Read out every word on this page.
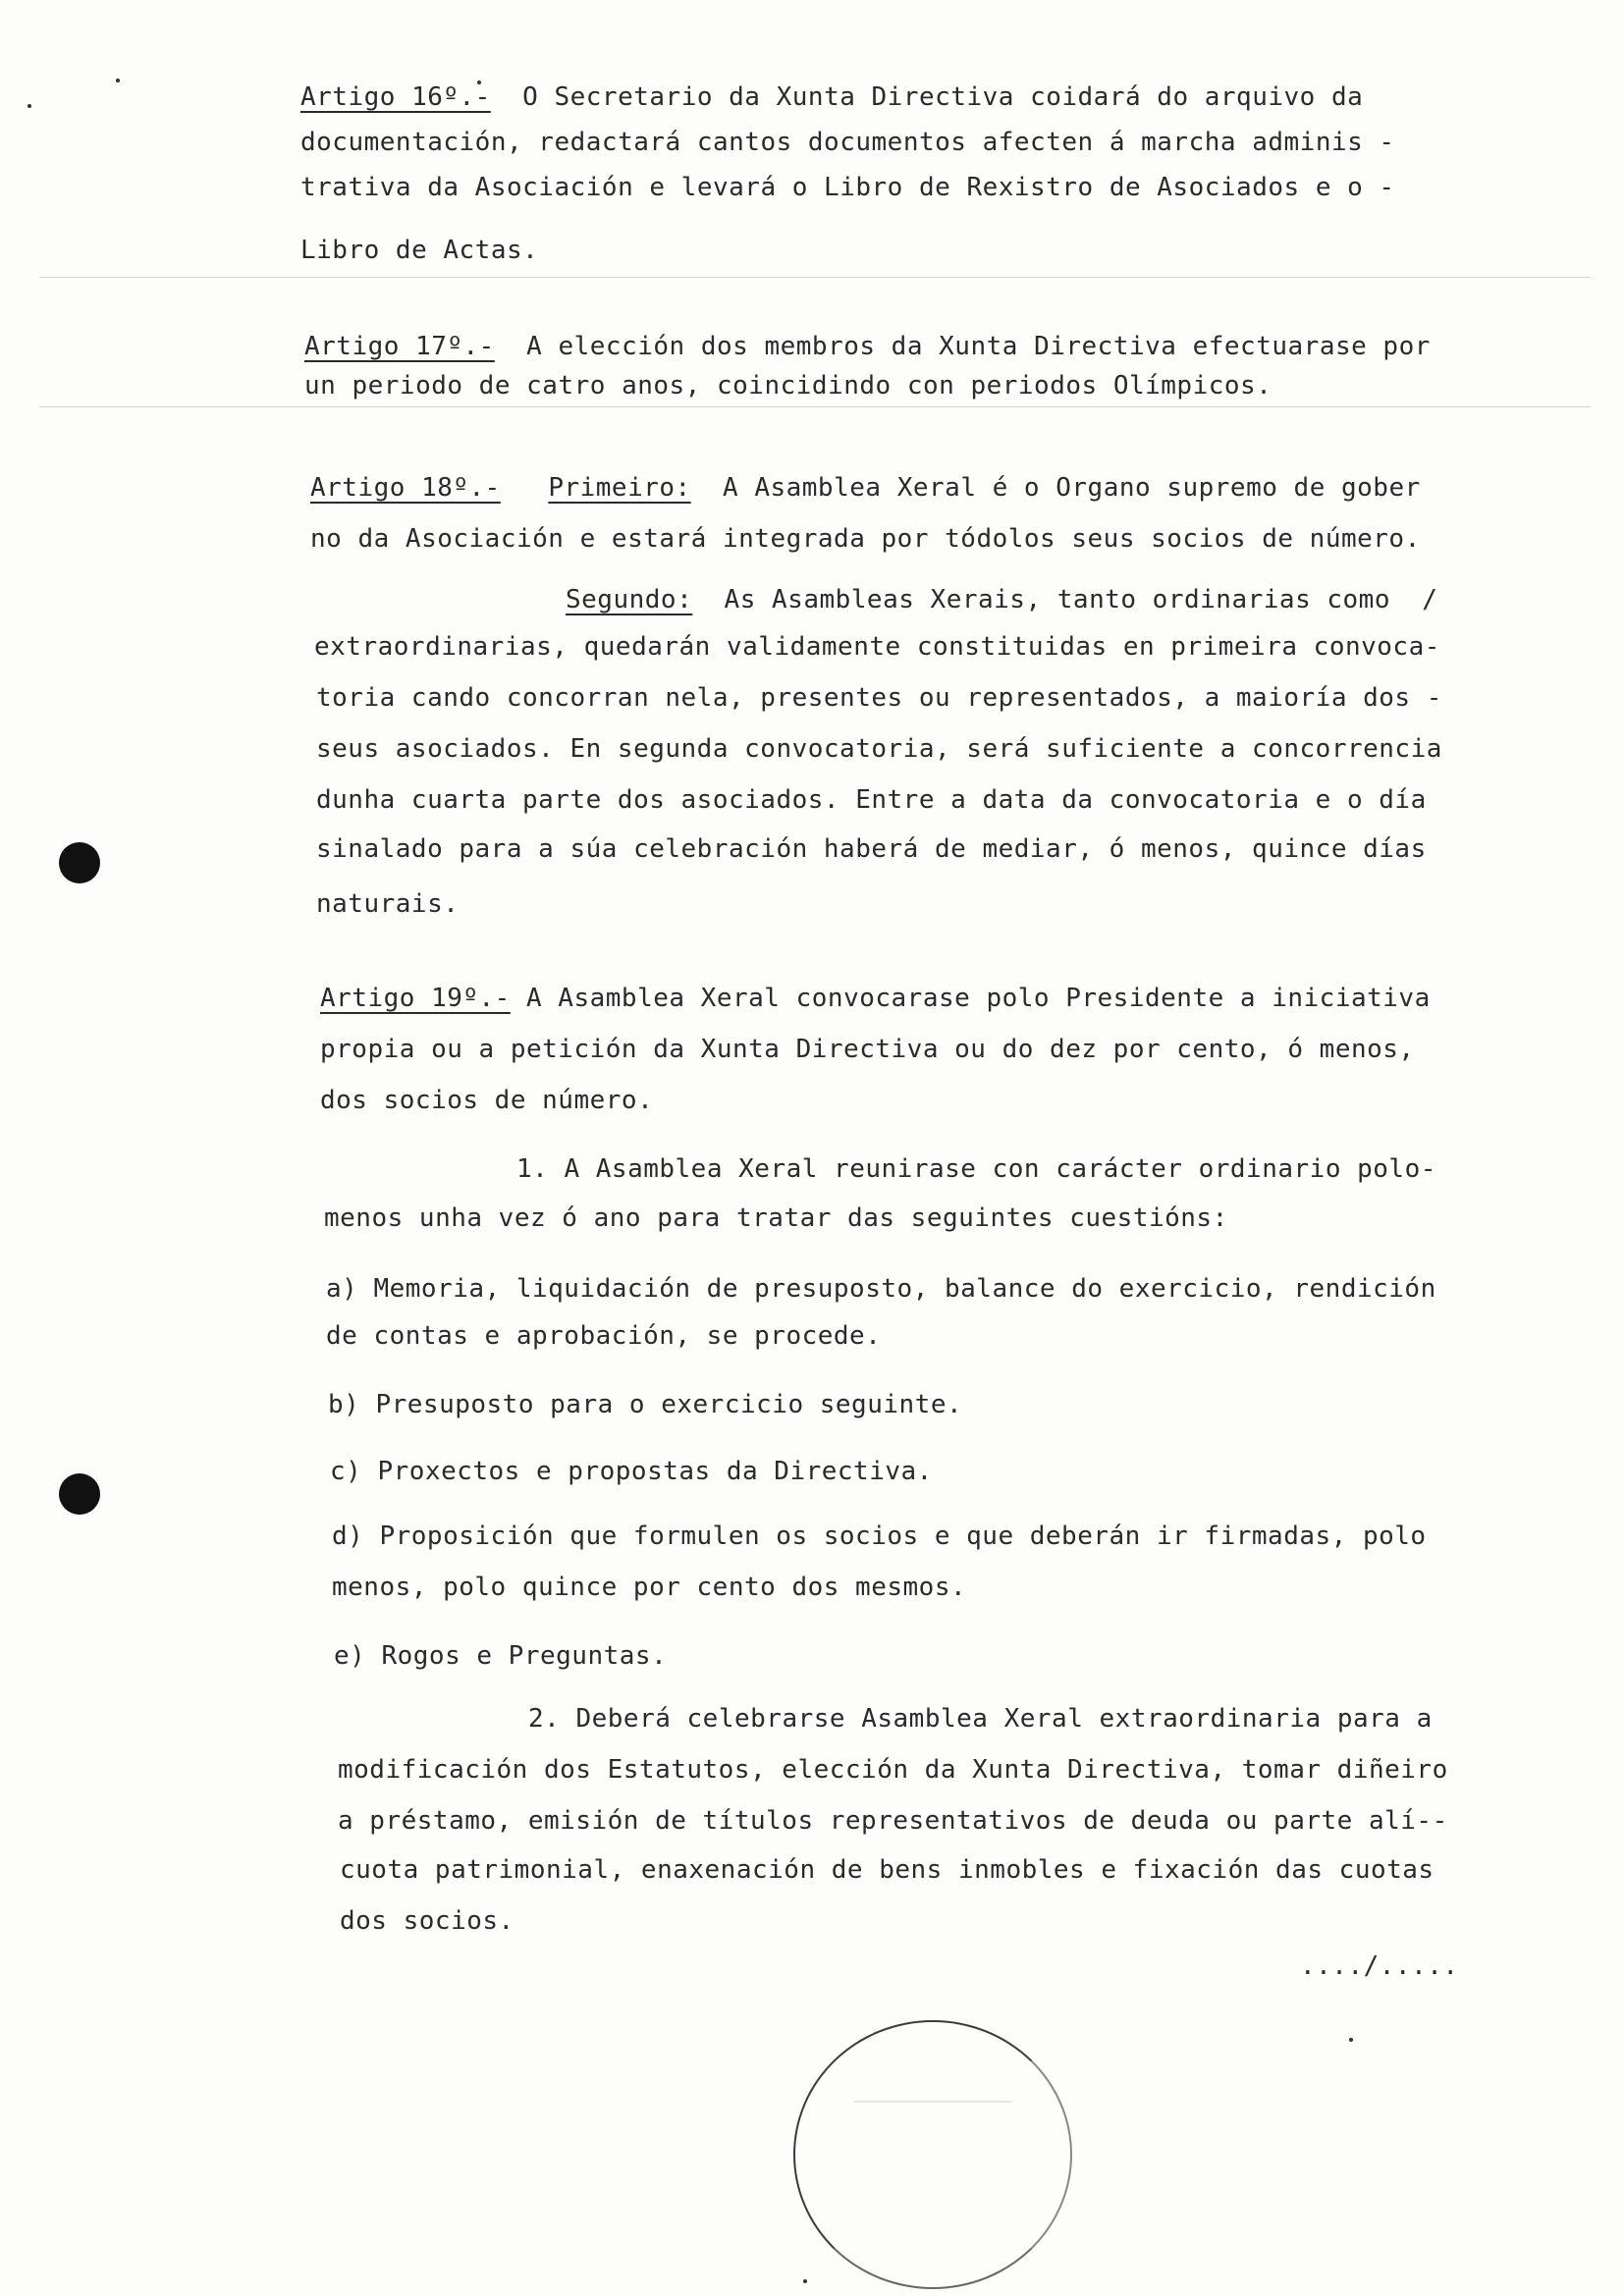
Artigo 16º.- O Secretario da Xunta Directiva coidará do arquivo da
documentación, redactará cantos documentos afecten á marcha adminis -
trativa da Asociación e levará o Libro de Rexistro de Asociados e o -
Libro de Actas.
Artigo 17º.- A elección dos membros da Xunta Directiva efectuarase por
un periodo de catro anos, coincidindo con periodos Olímpicos.
Artigo 18º.- Primeiro: A Asamblea Xeral é o Organo supremo de gober
no da Asociación e estará integrada por tódolos seus socios de número.
Segundo: As Asambleas Xerais, tanto ordinarias como  /
extraordinarias, quedarán validamente constituidas en primeira convoca-
toria cando concorran nela, presentes ou representados, a maioría dos -
seus asociados. En segunda convocatoria, será suficiente a concorrencia
dunha cuarta parte dos asociados. Entre a data da convocatoria e o día
sinalado para a súa celebración haberá de mediar, ó menos, quince días
naturais.
Artigo 19º.- A Asamblea Xeral convocarase polo Presidente a iniciativa
propia ou a petición da Xunta Directiva ou do dez por cento, ó menos,
dos socios de número.
1. A Asamblea Xeral reunirase con carácter ordinario polo-
menos unha vez ó ano para tratar das seguintes cuestións:
a) Memoria, liquidación de presuposto, balance do exercicio, rendición
de contas e aprobación, se procede.
b) Presuposto para o exercicio seguinte.
c) Proxectos e propostas da Directiva.
d) Proposición que formulen os socios e que deberán ir firmadas, polo
menos, polo quince por cento dos mesmos.
e) Rogos e Preguntas.
2. Deberá celebrarse Asamblea Xeral extraordinaria para a
modificación dos Estatutos, elección da Xunta Directiva, tomar diñeiro
a préstamo, emisión de títulos representativos de deuda ou parte alí--
cuota patrimonial, enaxenación de bens inmobles e fixación das cuotas
dos socios.
..../.....
